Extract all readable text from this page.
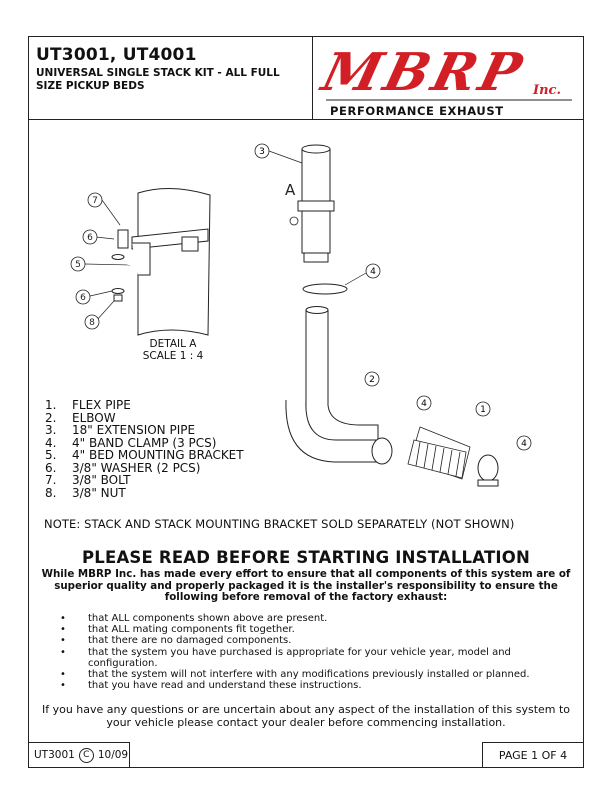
UT3001, UT4001
UNIVERSAL SINGLE STACK KIT - ALL FULL SIZE PICKUP BEDS	MBRP Inc.
PERFORMANCE EXHAUST
7
6
5
6
8
A
3
4
2
1
4
4
DETAIL A
SCALE 1 : 4
1.	FLEX PIPE
2.	ELBOW
3.	18" EXTENSION PIPE
4.	4" BAND CLAMP (3 PCS)
5.	4" BED MOUNTING BRACKET
6.	3/8" WASHER (2 PCS)
7.	3/8" BOLT
8.	3/8" NUT
NOTE: STACK AND STACK MOUNTING BRACKET SOLD SEPARATELY (NOT SHOWN)
PLEASE READ BEFORE STARTING INSTALLATION
While MBRP Inc. has made every effort to ensure that all components of this system are of superior quality and properly packaged it is the installer's responsibility to ensure the following before removal of the factory exhaust:
•	that ALL components shown above are present.
•	that ALL mating components fit together.
•	that there are no damaged components.
•	that the system you have purchased is appropriate for your vehicle year, model and configuration.
•	that the system will not interfere with any modifications previously installed or planned.
•	that you have read and understand these instructions.
If you have any questions or are uncertain about any aspect of the installation of this system to your vehicle please contact your dealer before commencing installation.
UT3001 C 10/09	PAGE 1 OF 4
